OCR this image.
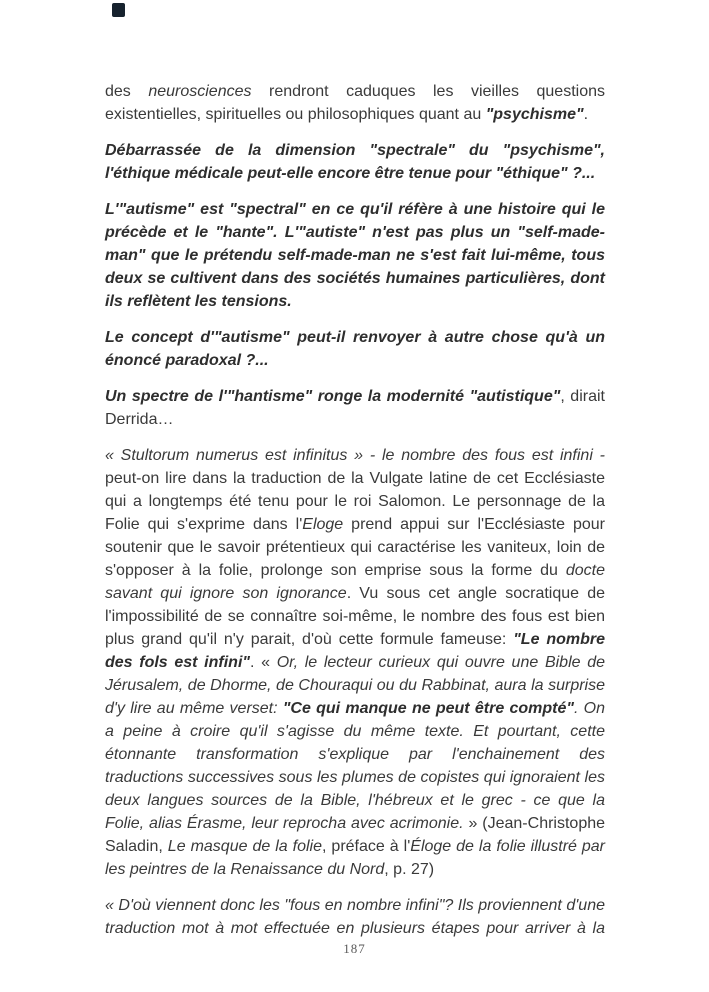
des neurosciences rendront caduques les vieilles questions existentielles, spirituelles ou philosophiques quant au "psychisme".

Débarrassée de la dimension "spectrale" du "psychisme", l'éthique médicale peut-elle encore être tenue pour "éthique" ?...

L'"autisme" est "spectral" en ce qu'il réfère à une histoire qui le précède et le "hante". L'"autiste" n'est pas plus un "self-made-man" que le prétendu self-made-man ne s'est fait lui-même, tous deux se cultivent dans des sociétés humaines particulières, dont ils reflètent les tensions.

Le concept d'"autisme" peut-il renvoyer à autre chose qu'à un énoncé paradoxal ?...

Un spectre de l'"hantisme" ronge la modernité "autistique", dirait Derrida…

« Stultorum numerus est infinitus » - le nombre des fous est infini - peut-on lire dans la traduction de la Vulgate latine de cet Ecclésiaste qui a longtemps été tenu pour le roi Salomon. Le personnage de la Folie qui s'exprime dans l'Eloge prend appui sur l'Ecclésiaste pour soutenir que le savoir prétentieux qui caractérise les vaniteux, loin de s'opposer à la folie, prolonge son emprise sous la forme du docte savant qui ignore son ignorance. Vu sous cet angle socratique de l'impossibilité de se connaître soi-même, le nombre des fous est bien plus grand qu'il n'y parait, d'où cette formule fameuse: "Le nombre des fols est infini". « Or, le lecteur curieux qui ouvre une Bible de Jérusalem, de Dhorme, de Chouraqui ou du Rabbinat, aura la surprise d'y lire au même verset: "Ce qui manque ne peut être compté". On a peine à croire qu'il s'agisse du même texte. Et pourtant, cette étonnante transformation s'explique par l'enchainement des traductions successives sous les plumes de copistes qui ignoraient les deux langues sources de la Bible, l'hébreux et le grec - ce que la Folie, alias Érasme, leur reprocha avec acrimonie. » (Jean-Christophe Saladin, Le masque de la folie, préface à l'Éloge de la folie illustré par les peintres de la Renaissance du Nord, p. 27)

« D'où viennent donc les "fous en nombre infini"? Ils proviennent d'une traduction mot à mot effectuée en plusieurs étapes pour arriver à la

187
